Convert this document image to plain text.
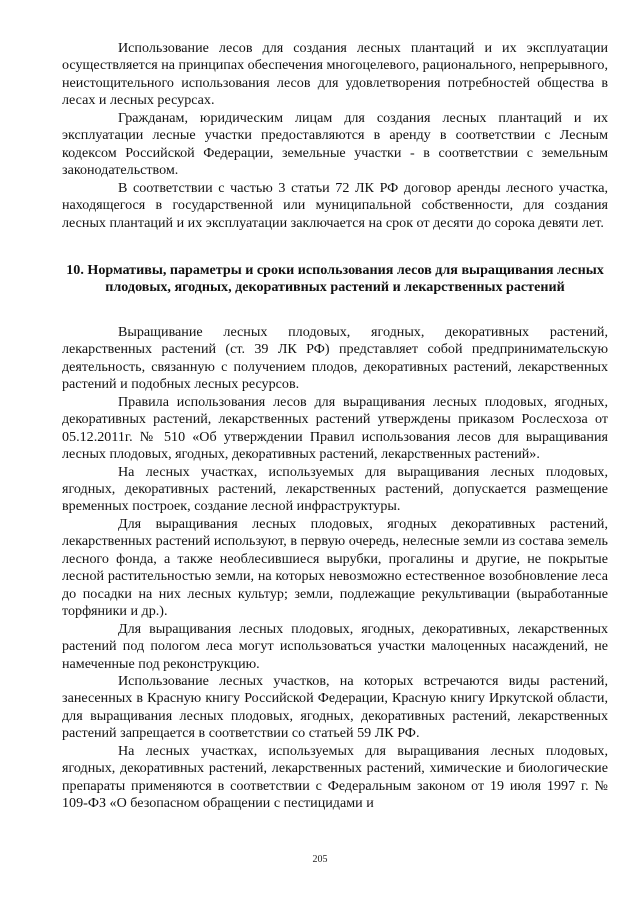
Использование лесов для создания лесных плантаций и их эксплуатации осуществляется на принципах обеспечения многоцелевого, рационального, непрерывного, неистощительного использования лесов для удовлетворения потребностей общества в лесах и лесных ресурсах.

Гражданам, юридическим лицам для создания лесных плантаций и их эксплуатации лесные участки предоставляются в аренду в соответствии с Лесным кодексом Российской Федерации, земельные участки - в соответствии с земельным законодательством.

В соответствии с частью 3 статьи 72 ЛК РФ договор аренды лесного участка, находящегося в государственной или муниципальной собственности, для создания лесных плантаций и их эксплуатации заключается на срок от десяти до сорока девяти лет.

10. Нормативы, параметры и сроки использования лесов для выращивания лесных плодовых, ягодных, декоративных растений и лекарственных растений

Выращивание лесных плодовых, ягодных, декоративных растений, лекарственных растений (ст. 39 ЛК РФ) представляет собой предпринимательскую деятельность, связанную с получением плодов, декоративных растений, лекарственных растений и подобных лесных ресурсов.

Правила использования лесов для выращивания лесных плодовых, ягодных, декоративных растений, лекарственных растений утверждены приказом Рослесхоза от 05.12.2011г. № 510 «Об утверждении Правил использования лесов для выращивания лесных плодовых, ягодных, декоративных растений, лекарственных растений».

На лесных участках, используемых для выращивания лесных плодовых, ягодных, декоративных растений, лекарственных растений, допускается размещение временных построек, создание лесной инфраструктуры.

Для выращивания лесных плодовых, ягодных декоративных растений, лекарственных растений используют, в первую очередь, нелесные земли из состава земель лесного фонда, а также необлесившиеся вырубки, прогалины и другие, не покрытые лесной растительностью земли, на которых невозможно естественное возобновление леса до посадки на них лесных культур; земли, подлежащие рекультивации (выработанные торфяники и др.).

Для выращивания лесных плодовых, ягодных, декоративных, лекарственных растений под пологом леса могут использоваться участки малоценных насаждений, не намеченные под реконструкцию.

Использование лесных участков, на которых встречаются виды растений, занесенных в Красную книгу Российской Федерации, Красную книгу Иркутской области, для выращивания лесных плодовых, ягодных, декоративных растений, лекарственных растений запрещается в соответствии со статьей 59 ЛК РФ.

На лесных участках, используемых для выращивания лесных плодовых, ягодных, декоративных растений, лекарственных растений, химические и биологические препараты применяются в соответствии с Федеральным законом от 19 июля 1997 г. № 109-ФЗ «О безопасном обращении с пестицидами и

205
